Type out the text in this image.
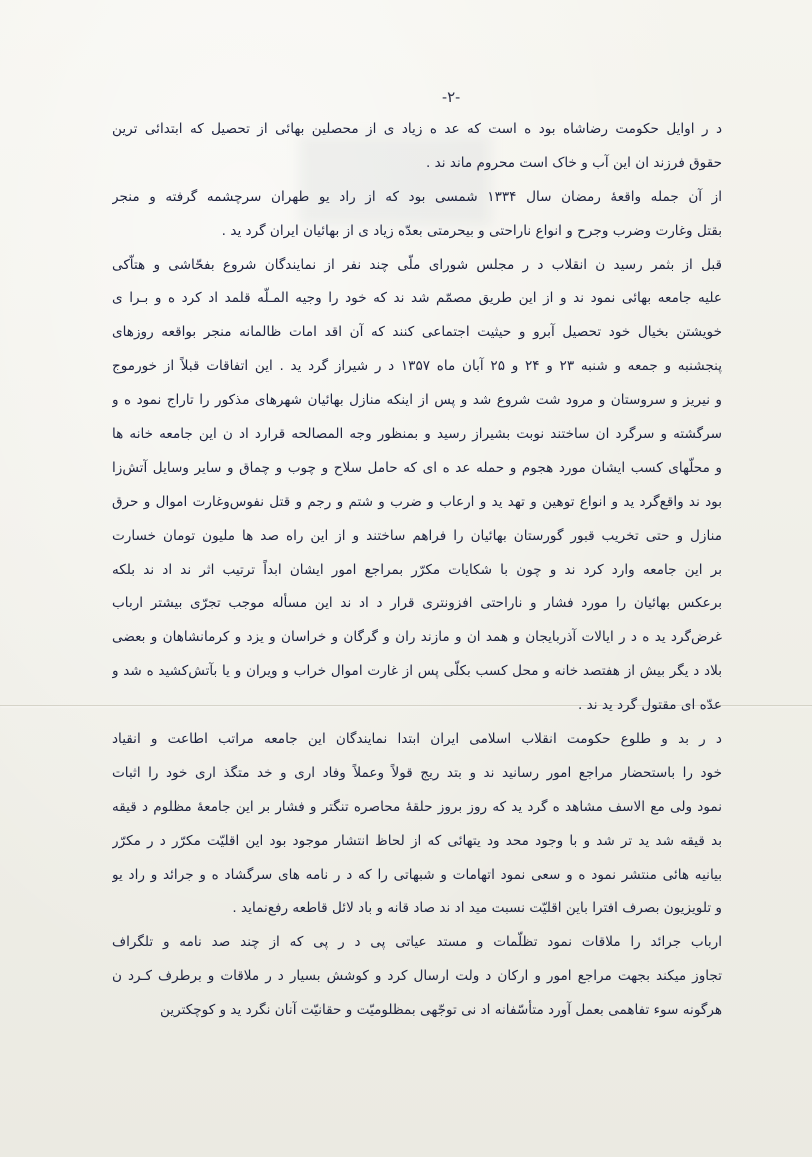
-۲-
د ر اوایل حکومت رضاشاه بود ه است که عد ه زیاد ی از محصلین بهائی از تحصیل که ابتدائی ترین
حقوق فرزند ان این آب و خاک است محروم ماند ند .
از آن جمله واقعهٔ رمضان سال ۱۳۳۴ شمسی بود که از راد یو طهران سرچشمه گرفته و منجر
بقتل وغارت وضرب وجرح و انواع ناراحتی و بیحرمتی بعدّه زیاد ی از بهائیان ایران گرد ید .
قبل از بثمر رسید ن انقلاب د ر مجلس شورای ملّی چند نفر از نمایندگان شروع بفحّاشی و هتاّکی
علیه جامعه بهائی نمود ند و از این طریق مصمّم شد ند که خود را وجیه المـلّه قلمد اد کرد ه و بـرا ی
خویشتن بخیال خود تحصیل آبرو و حیثیت اجتماعی کنند که آن اقد امات ظالمانه منجر بواقعه روزهای
پنجشنبه و جمعه و شنبه ۲۳ و ۲۴ و ۲۵ آبان ماه ۱۳۵۷ د ر شیراز گرد ید . این اتفاقات قبلاً از خورموج
و نیریز و سروستان و مرود شت شروع شد و پس از اینکه منازل بهائیان شهرهای مذکور را تاراج نمود ه و
سرگشته و سرگرد ان ساختند نوبت بشیراز رسید و بمنظور وجه المصالحه قرارد اد ن این جامعه خانه ها
و محلّهای کسب ایشان مورد هجوم و حمله عد ه ای که حامل سلاح و چوب و چماق و سایر وسایل آتش‌زا
بود ند واقع‌گرد ید و انواع توهین و تهد ید و ارعاب و ضرب و شتم و رجم و قتل نفوس‌وغارت اموال و حرق
منازل و حتی تخریب قبور گورستان بهائیان را فراهم ساختند و از این راه صد ها ملیون تومان خسارت
بر این جامعه وارد کرد ند و چون با شکایات مکرّر بمراجع امور ایشان ابداً ترتیب اثر ند اد ند بلکه
برعکس بهائیان را مورد فشار و ناراحتی افزونتری قرار د اد ند این مسأله موجب تجرّی بیشتر ارباب
غرض‌گرد ید ه د ر ایالات آذربایجان و همد ان و مازند ران و گرگان و خراسان و یزد و کرمانشاهان و بعضی
بلاد د یگر بیش از هفتصد خانه و محل کسب بکلّی پس از غارت اموال خراب و ویران و یا بآتش‌کشید ه شد و
عدّه ای مقتول گرد ید ند .
د ر بد و طلوع حکومت انقلاب اسلامی ایران ابتدا نمایندگان این جامعه مراتب اطاعت و انقیاد
خود را باستحضار مراجع امور رسانید ند و بتد ریج قولاً وعملاً وفاد اری و خد متگذ اری خود را اثبات
نمود ولی مع الاسف مشاهد ه گرد ید که روز بروز حلقهٔ محاصره تنگتر و فشار بر این جامعهٔ مظلوم د قیقه
بد قیقه شد ید تر شد و با وجود محد ود یتهائی که از لحاظ انتشار موجود بود این اقلیّت مکرّر د ر مکرّر
بیانیه هائی منتشر نمود ه و سعی نمود اتهامات و شبهاتی را که د ر نامه های سرگشاد ه و جرائد و راد یو
و تلویزیون بصرف افترا باین اقلیّت نسبت مید اد ند صاد قانه و باد لائل قاطعه رفع‌نماید .
ارباب جرائد را ملاقات نمود تظلّمات و مستد عیاتی پی د ر پی که از چند صد نامه و تلگراف
تجاوز میکند بجهت مراجع امور و ارکان د ولت ارسال کرد و کوشش بسیار د ر ملاقات و برطرف کـرد ن
هرگونه سوء تفاهمی بعمل آورد متأسّفانه اد نی توجّهی بمظلومیّت و حقانیّت آنان نگرد ید و کوچکترین
